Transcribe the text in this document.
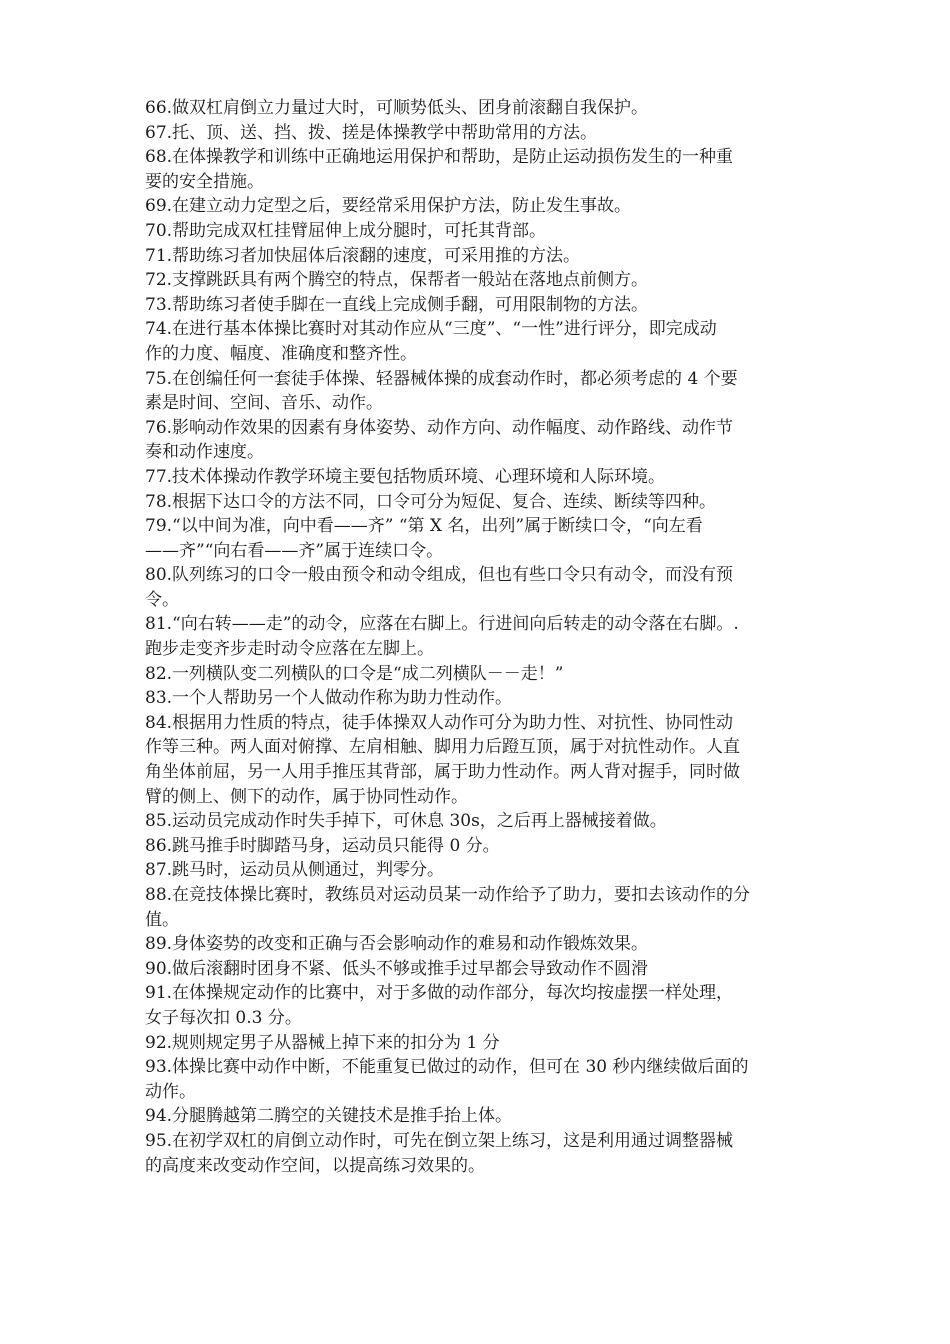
66.做双杠肩倒立力量过大时，可顺势低头、团身前滚翻自我保护。
67.托、顶、送、挡、拨、搓是体操教学中帮助常用的方法。
68.在体操教学和训练中正确地运用保护和帮助，是防止运动损伤发生的一种重
要的安全措施。
69.在建立动力定型之后，要经常采用保护方法，防止发生事故。
70.帮助完成双杠挂臂屈伸上成分腿时，可托其背部。
71.帮助练习者加快屈体后滚翻的速度，可采用推的方法。
72.支撑跳跃具有两个腾空的特点，保帮者一般站在落地点前侧方。
73.帮助练习者使手脚在一直线上完成侧手翻，可用限制物的方法。
74.在进行基本体操比赛时对其动作应从“三度”、“一性”进行评分，即完成动
作的力度、幅度、准确度和整齐性。
75.在创编任何一套徒手体操、轻器械体操的成套动作时，都必须考虑的 4 个要
素是时间、空间、音乐、动作。
76.影响动作效果的因素有身体姿势、动作方向、动作幅度、动作路线、动作节
奏和动作速度。
77.技术体操动作教学环境主要包括物质环境、心理环境和人际环境。
78.根据下达口令的方法不同，口令可分为短促、复合、连续、断续等四种。
79.“以中间为准，向中看——齐” “第 X 名，出列”属于断续口令，“向左看
——齐”“向右看——齐”属于连续口令。
80.队列练习的口令一般由预令和动令组成，但也有些口令只有动令，而没有预
令。
81.“向右转——走”的动令，应落在右脚上。行进间向后转走的动令落在右脚。.
跑步走变齐步走时动令应落在左脚上。
82.一列横队变二列横队的口令是“成二列横队－－走！”
83.一个人帮助另一个人做动作称为助力性动作。
84.根据用力性质的特点，徒手体操双人动作可分为助力性、对抗性、协同性动
作等三种。两人面对俯撑、左肩相触、脚用力后蹬互顶，属于对抗性动作。人直
角坐体前屈，另一人用手推压其背部，属于助力性动作。两人背对握手，同时做
臂的侧上、侧下的动作，属于协同性动作。
85.运动员完成动作时失手掉下，可休息 30s，之后再上器械接着做。
86.跳马推手时脚踏马身，运动员只能得 0 分。
87.跳马时，运动员从侧通过，判零分。
88.在竞技体操比赛时，教练员对运动员某一动作给予了助力，要扣去该动作的分
值。
89.身体姿势的改变和正确与否会影响动作的难易和动作锻炼效果。
90.做后滚翻时团身不紧、低头不够或推手过早都会导致动作不圆滑
91.在体操规定动作的比赛中，对于多做的动作部分，每次均按虚摆一样处理，
女子每次扣 0.3 分。
92.规则规定男子从器械上掉下来的扣分为 1 分
93.体操比赛中动作中断，不能重复已做过的动作，但可在 30 秒内继续做后面的
动作。
94.分腿腾越第二腾空的关键技术是推手抬上体。
95.在初学双杠的肩倒立动作时，可先在倒立架上练习，这是利用通过调整器械
的高度来改变动作空间，以提高练习效果的。
